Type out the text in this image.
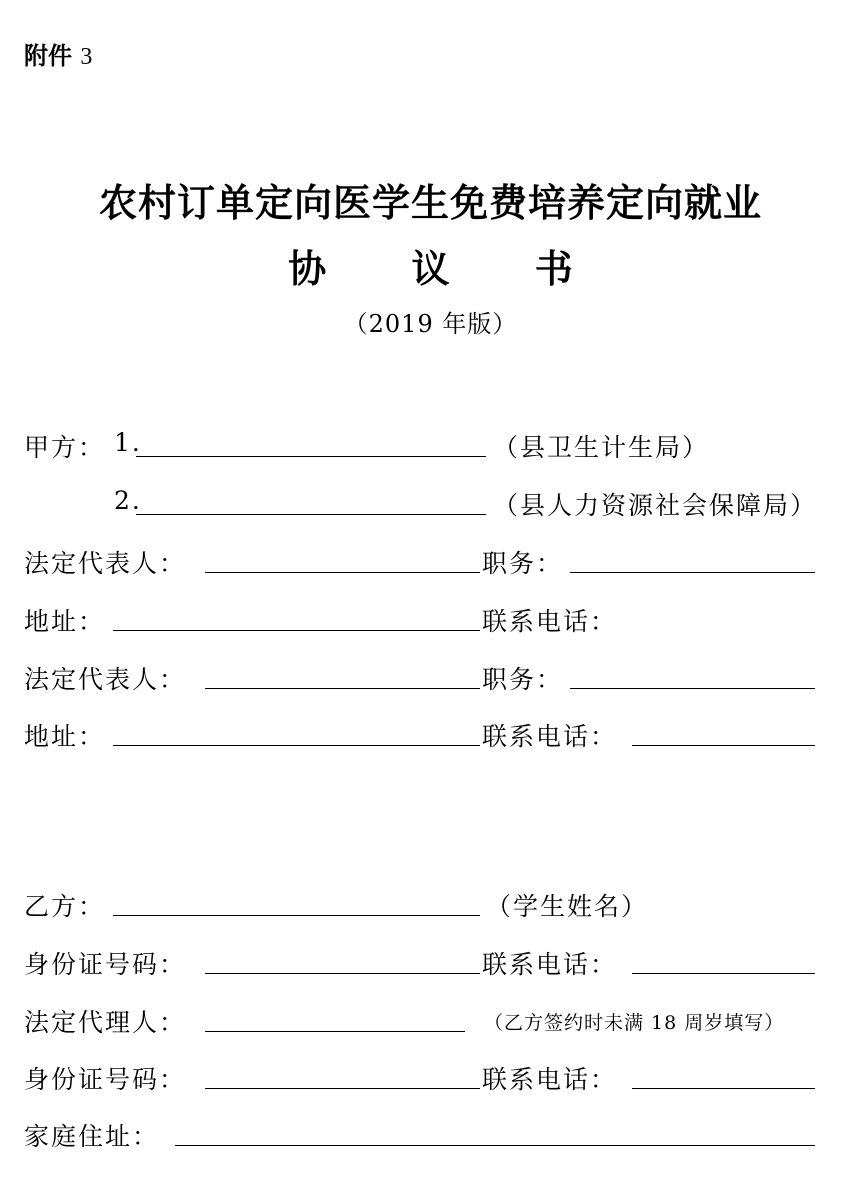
附件 3
农村订单定向医学生免费培养定向就业
协 议 书
（2019 年版）
甲方： 1.	（县卫生计生局）
2.	（县人力资源社会保障局）
法定代表人：	职务：
地址：	联系电话：
法定代表人：	职务：
地址：	联系电话：
乙方：	（学生姓名）
身份证号码：	联系电话：
法定代理人：	（乙方签约时未满 18 周岁填写）
身份证号码：	联系电话：
家庭住址：
